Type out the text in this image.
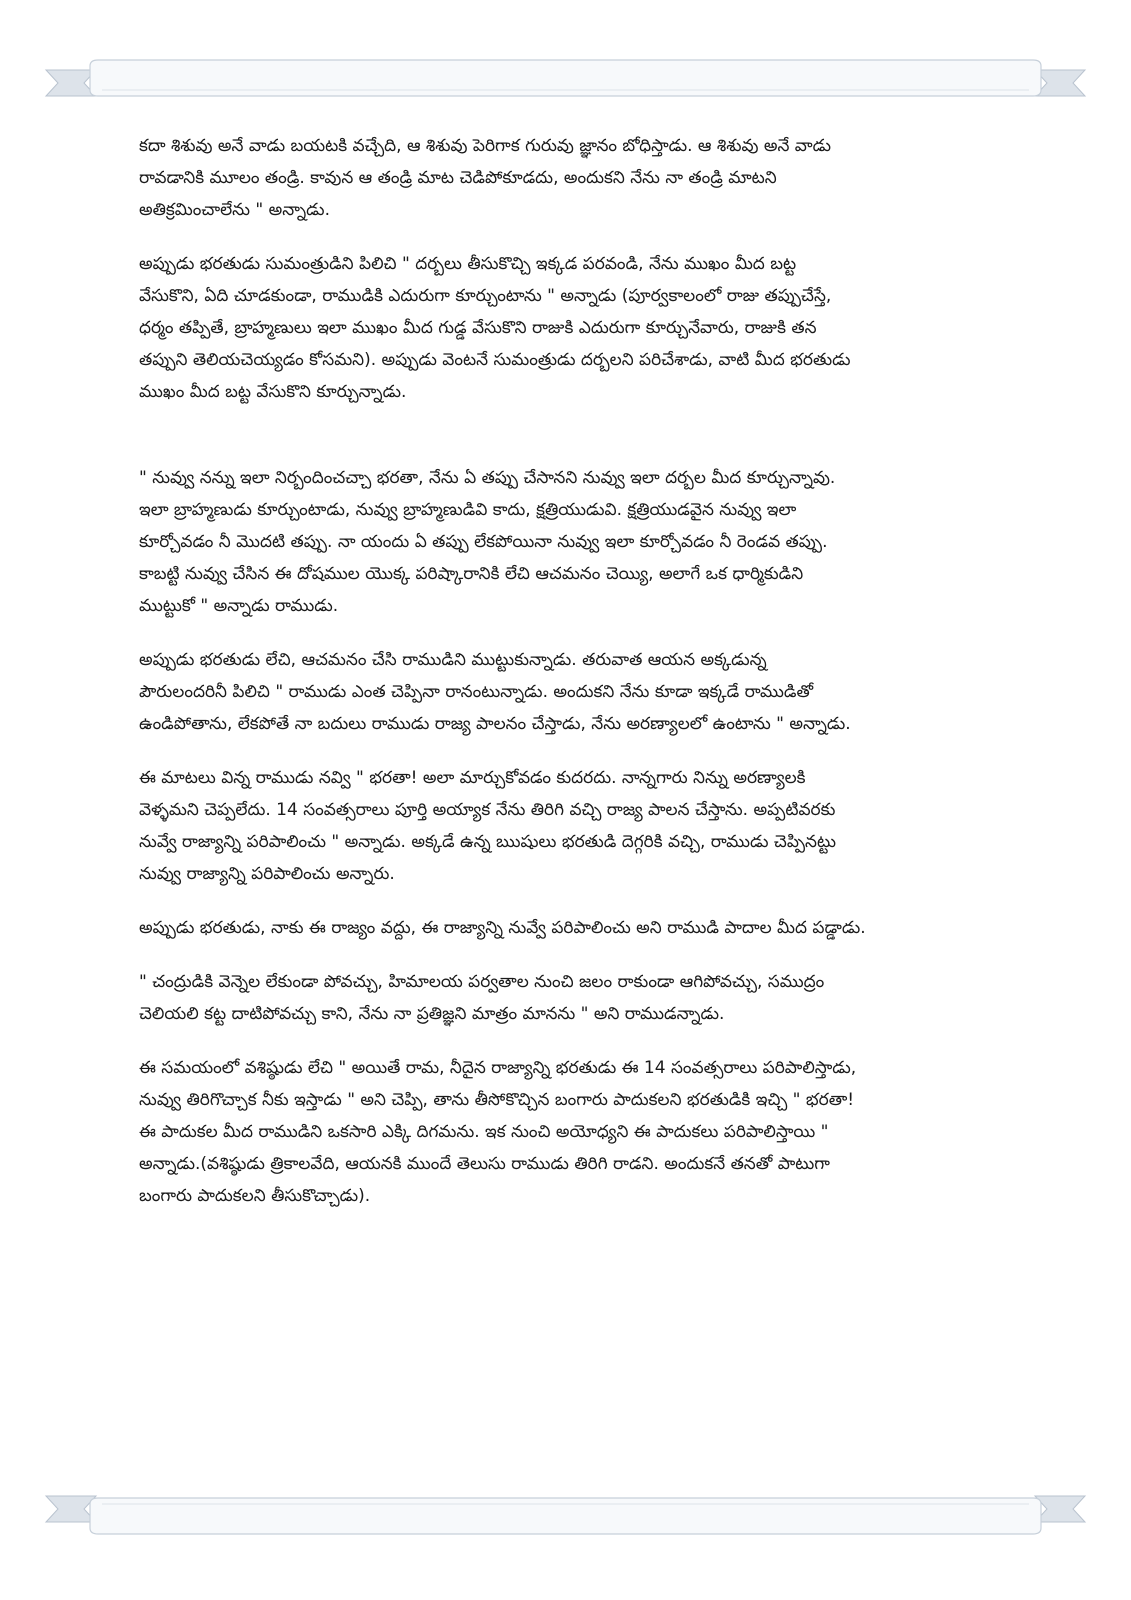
కదా శిశువు అనే వాడు బయటకి వచ్చేది, ఆ శిశువు పెరిగాక గురువు జ్ఞానం బోధిస్తాడు. ఆ శిశువు అనే వాడు

రావడానికి మూలం తండ్రి. కావున ఆ తండ్రి మాట చెడిపోకూడదు, అందుకని నేను నా తండ్రి మాటని

అతిక్రమించాలేను " అన్నాడు.

అప్పుడు భరతుడు సుమంత్రుడిని పిలిచి " దర్బలు తీసుకొచ్చి ఇక్కడ పరవండి, నేను ముఖం మీద బట్ట

వేసుకొని, ఏది చూడకుండా, రాముడికి ఎదురుగా కూర్చుంటాను " అన్నాడు (పూర్వకాలంలో రాజు తప్పుచేస్తే,

ధర్మం తప్పితే, బ్రాహ్మణులు ఇలా ముఖం మీద గుడ్డ వేసుకొని రాజుకి ఎదురుగా కూర్చునేవారు, రాజుకి తన

తప్పుని తెలియచెయ్యడం కోసమని). అప్పుడు వెంటనే సుమంత్రుడు దర్బలని పరిచేశాడు, వాటి మీద భరతుడు

ముఖం మీద బట్ట వేసుకొని కూర్చున్నాడు.

" నువ్వు నన్ను ఇలా నిర్బందించచ్చా భరతా, నేను ఏ తప్పు చేసానని నువ్వు ఇలా దర్బల మీద కూర్చున్నావు.

ఇలా బ్రాహ్మణుడు కూర్చుంటాడు, నువ్వు బ్రాహ్మణుడివి కాదు, క్షత్రియుడువి. క్షత్రియుడవైన నువ్వు ఇలా

కూర్చోవడం నీ మొదటి తప్పు. నా యందు ఏ తప్పు లేకపోయినా నువ్వు ఇలా కూర్చోవడం నీ రెండవ తప్పు.

కాబట్టి నువ్వు చేసిన ఈ దోషముల యొక్క పరిష్కారానికి లేచి ఆచమనం చెయ్యి, అలాగే ఒక ధార్మికుడిని

ముట్టుకో " అన్నాడు రాముడు.

అప్పుడు భరతుడు లేచి, ఆచమనం చేసి రాముడిని ముట్టుకున్నాడు. తరువాత ఆయన అక్కడున్న

పౌరులందరినీ పిలిచి " రాముడు ఎంత చెప్పినా రానంటున్నాడు. అందుకని నేను కూడా ఇక్కడే రాముడితో

ఉండిపోతాను, లేకపోతే నా బదులు రాముడు రాజ్య పాలనం చేస్తాడు, నేను అరణ్యాలలో ఉంటాను " అన్నాడు.

ఈ మాటలు విన్న రాముడు నవ్వి " భరతా! అలా మార్చుకోవడం కుదరదు. నాన్నగారు నిన్ను అరణ్యాలకి

వెళ్ళమని చెప్పలేదు. 14 సంవత్సరాలు పూర్తి అయ్యాక నేను తిరిగి వచ్చి రాజ్య పాలన చేస్తాను. అప్పటివరకు

నువ్వే రాజ్యాన్ని పరిపాలించు " అన్నాడు. అక్కడే ఉన్న ఋషులు భరతుడి దెగ్గరికి వచ్చి, రాముడు చెప్పినట్టు

నువ్వు రాజ్యాన్ని పరిపాలించు అన్నారు.

అప్పుడు భరతుడు, నాకు ఈ రాజ్యం వద్దు, ఈ రాజ్యాన్ని నువ్వే పరిపాలించు అని రాముడి పాదాల మీద పడ్డాడు.

" చంద్రుడికి వెన్నెల లేకుండా పోవచ్చు, హిమాలయ పర్వతాల నుంచి జలం రాకుండా ఆగిపోవచ్చు, సముద్రం

చెలియలి కట్ట దాటిపోవచ్చు కాని, నేను నా ప్రతిజ్ఞని మాత్రం మానను " అని రాముడన్నాడు.

ఈ సమయంలో వశిష్ఠుడు లేచి " అయితే రామ, నీదైన రాజ్యాన్ని భరతుడు ఈ 14 సంవత్సరాలు పరిపాలిస్తాడు,

నువ్వు తిరిగొచ్చాక నీకు ఇస్తాడు " అని చెప్పి, తాను తీసోకొచ్చిన బంగారు పాదుకలని భరతుడికి ఇచ్చి " భరతా!

ఈ పాదుకల మీద రాముడిని ఒకసారి ఎక్కి దిగమను. ఇక నుంచి అయోధ్యని ఈ పాదుకలు పరిపాలిస్తాయి "

అన్నాడు.(వశిష్ఠుడు త్రికాలవేది, ఆయనకి ముందే తెలుసు రాముడు తిరిగి రాడని. అందుకనే తనతో పాటుగా

బంగారు పాదుకలని తీసుకొచ్చాడు).
